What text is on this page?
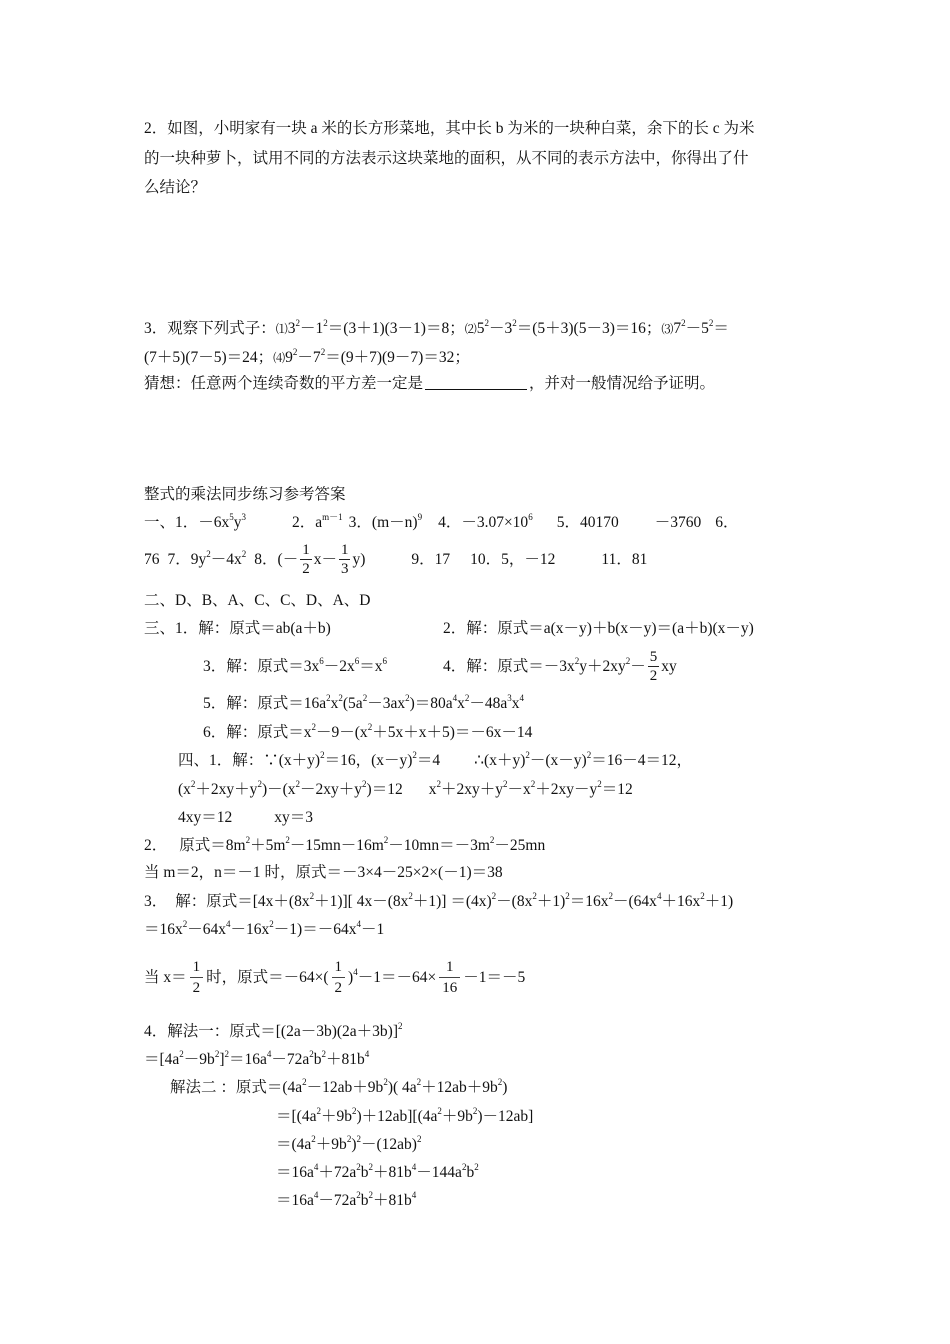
2．如图，小明家有一块 a 米的长方形菜地，其中长 b 为米的一块种白菜，余下的长 c 为米
的一块种萝卜，试用不同的方法表示这块菜地的面积，从不同的表示方法中，你得出了什
么结论？
3．观察下列式子：$⑴3^2-1^2=(3+1)(3-1)=8$；$⑵5^2-3^2=(5+3)(5-3)=16$；$⑶7^2-5^2=$
(7＋5)(7－5)＝24；$⑷9^2-7^2=(9+7)(9-7)=32$；
猜想：任意两个连续奇数的平方差一定是	，并对一般情况给予证明。
整式的乘法同步练习参考答案
一、1．$-6x^5y^3$	2．$a^{m-1}$ 3．$(m-n)^9$ 4．$-3.07\times 10^6$ 5．40170 －3760 6．
76 7．$9y^2-4x^2$ 8．(－ $\frac{1}{2} x- \frac{1}{3} y$)	9．17 10．5，－12	11．81
二、D、B、A、C、C、D、A、D
三、1．解：原式＝ab(a＋b)	2．解：原式＝a(x－y)＋b(x－y)＝(a＋b)(x－y)
3．解：原式$=3x^6-2x^6=x^6$	4．解：原式$=-3x^2y+2xy^2- \frac{5}{2}$ xy
5．解：原式$=16a^2x^2(5a^2-3ax^2)=80a^4x^2-48a^3x^4$
6．解：原式$=x^2-9-(x^2+5x+x+5)=-6x-14$
四、1．解：$\because(x+y)^2=16$，$(x-y)^2=4$ $\therefore(x+y)^2-(x-y)^2=16-4=12$，
$(x^2+2xy+y^2)-(x^2-2xy+y^2)=12$ $x^2+2xy+y^2-x^2+2xy-y^2=12$
4xy＝12	xy＝3
2． 原式$=8m^2+5m^2-15mn-16m^2-10mn=-3m^2-25mn$
当 m＝2，n＝－1 时，原式＝－3×4－25×2×(－1)＝38
3． 解：原式$=[4x+(8x^2+1)]$[ $4x-(8x^2+1)] =(4x)^2-(8x^2+1)^2=16x^2-(64x^4+16x^2+1)$
$=16x^2-64x^4-16x^2-1)=-64x^4-1$
当 $x= \frac{1}{2}$ 时，原式$=-64\times( \frac{1}{2} )^4-1=-64\times \frac{1}{16} -1=-5$
4．解法一：原式$=[(2a-3b)(2a+3b)]^2$
$=[4a^2-9b^2]^2=16a^4-72a^2b^2+81b^4$
解法二 ：原式$=(4a^2-12ab+9b^2)$( $4a^2+12ab+9b^2$)
$=[(4a^2+9b^2)+12ab][(4a^2+9b^2)-12ab]$
$=(4a^2+9b^2)^2-(12ab)^2$
$=16a^4+72a^2b^2+81b^4-144a^2b^2$
$=16a^4-72a^2b^2+81b^4$
